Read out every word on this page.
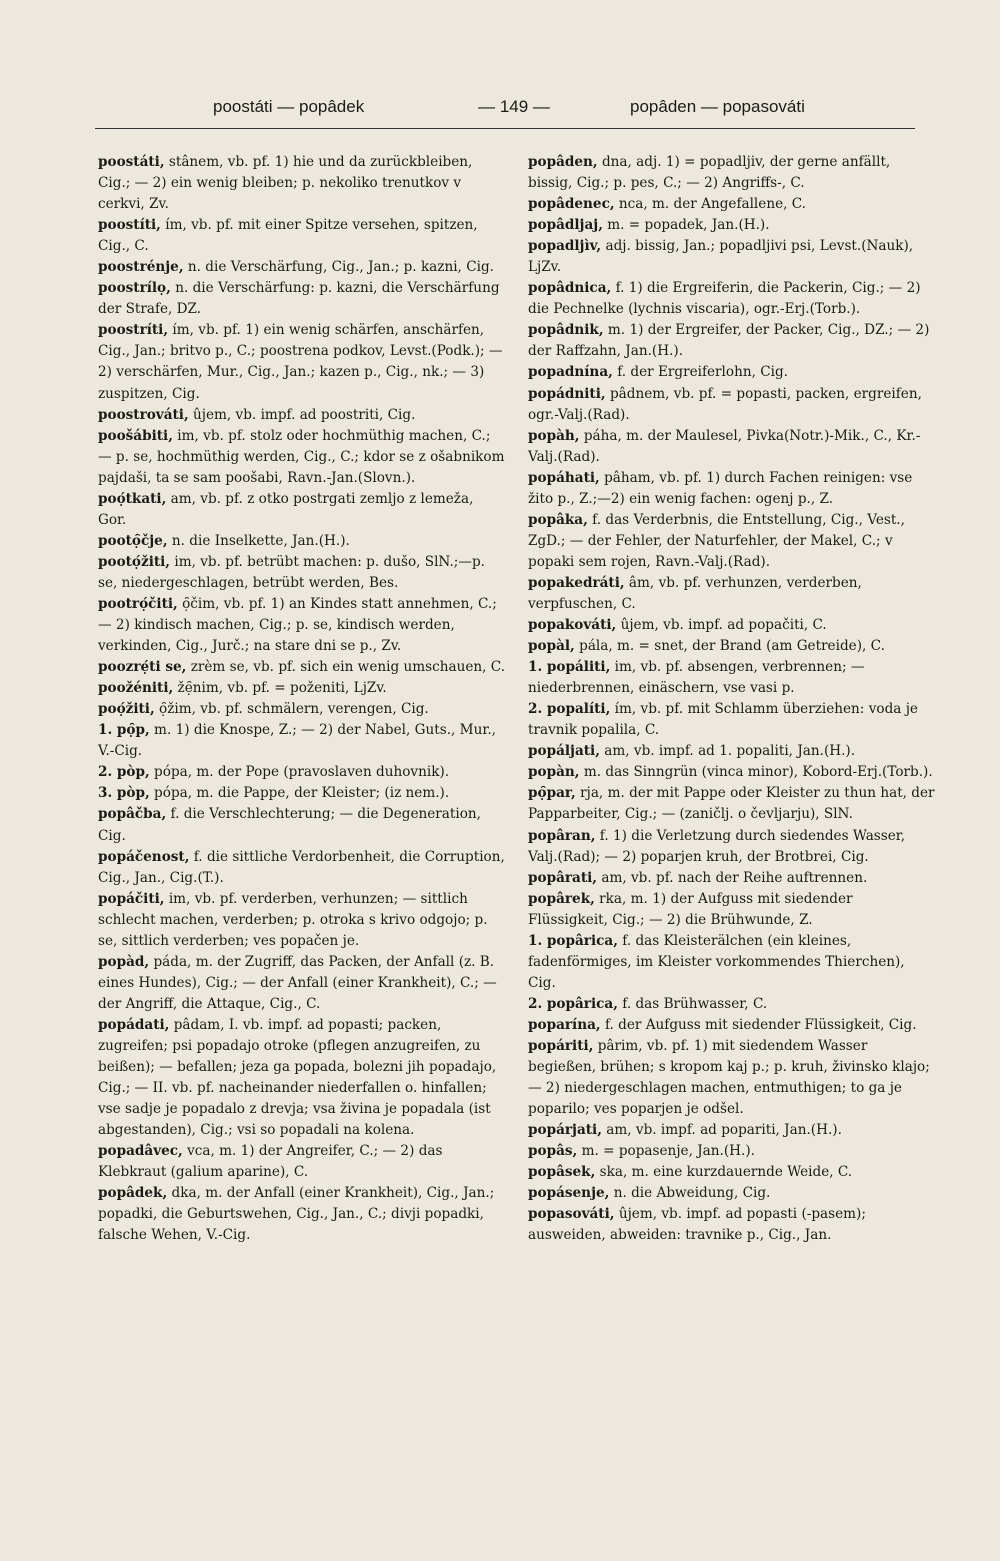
poostáti — popâdek	— 149 —	popâden — popasováti

poostáti, stânem, vb. pf. 1) hie und da zurückbleiben, Cig.; — 2) ein wenig bleiben; p. nekoliko trenutkov v cerkvi, Zv.

poostíti, ím, vb. pf. mit einer Spitze versehen, spitzen, Cig., C.

poostrénje, n. die Verschärfung, Cig., Jan.; p. kazni, Cig.

poostrílọ, n. die Verschärfung: p. kazni, die Verschärfung der Strafe, DZ.

poostríti, ím, vb. pf. 1) ein wenig schärfen, anschärfen, Cig., Jan.; britvo p., C.; poostrena podkov, Levst.(Podk.); — 2) verschärfen, Mur., Cig., Jan.; kazen p., Cig., nk.; — 3) zuspitzen, Cig.

poostrováti, ûjem, vb. impf. ad poostriti, Cig.

poošábiti, im, vb. pf. stolz oder hochmüthig machen, C.; — p. se, hochmüthig werden, Cig., C.; kdor se z ošabnikom pajdaši, ta se sam poošabi, Ravn.-Jan.(Slovn.).

poọ́tkati, am, vb. pf. z otko postrgati zemljo z lemeža, Gor.

pootọ̑čje, n. die Inselkette, Jan.(H.).

pootọ́žiti, im, vb. pf. betrübt machen: p. dušo, SlN.;—p. se, niedergeschlagen, betrübt werden, Bes.

pootrọ́čiti, ọ̑čim, vb. pf. 1) an Kindes statt annehmen, C.; — 2) kindisch machen, Cig.; p. se, kindisch werden, verkinden, Cig., Jurč.; na stare dni se p., Zv.

poozrẹ́ti se, zrèm se, vb. pf. sich ein wenig umschauen, C.

poožéniti, žẹ̑nim, vb. pf. = poženiti, LjZv.

poọ́žiti, ọ̑žim, vb. pf. schmälern, verengen, Cig.

1. pọ̑p, m. 1) die Knospe, Z.; — 2) der Nabel, Guts., Mur., V.-Cig.

2. pòp, pópa, m. der Pope (pravoslaven duhovnik).

3. pòp, pópa, m. die Pappe, der Kleister; (iz nem.).

popâčba, f. die Verschlechterung; — die Degeneration, Cig.

popáčenost, f. die sittliche Verdorbenheit, die Corruption, Cig., Jan., Cig.(T.).

popáčiti, im, vb. pf. verderben, verhunzen; — sittlich schlecht machen, verderben; p. otroka s krivo odgojo; p. se, sittlich verderben; ves popačen je.

popàd, páda, m. der Zugriff, das Packen, der Anfall (z. B. eines Hundes), Cig.; — der Anfall (einer Krankheit), C.; — der Angriff, die Attaque, Cig., C.

popádati, pâdam, I. vb. impf. ad popasti; packen, zugreifen; psi popadajo otroke (pflegen anzugreifen, zu beißen); — befallen; jeza ga popada, bolezni jih popadajo, Cig.; — II. vb. pf. nacheinander niederfallen o. hinfallen; vse sadje je popadalo z drevja; vsa živina je popadala (ist abgestanden), Cig.; vsi so popadali na kolena.

popadâvec, vca, m. 1) der Angreifer, C.; — 2) das Klebkraut (galium aparine), C.

popâdek, dka, m. der Anfall (einer Krankheit), Cig., Jan.; popadki, die Geburtswehen, Cig., Jan., C.; divji popadki, falsche Wehen, V.-Cig.

popâden, dna, adj. 1) = popadljiv, der gerne anfällt, bissig, Cig.; p. pes, C.; — 2) Angriffs-, C.

popâdenec, nca, m. der Angefallene, C.

popâdljaj, m. = popadek, Jan.(H.).

popadljìv, adj. bissig, Jan.; popadljivi psi, Levst.(Nauk), LjZv.

popâdnica, f. 1) die Ergreiferin, die Packerin, Cig.; — 2) die Pechnelke (lychnis viscaria), ogr.-Erj.(Torb.).

popâdnik, m. 1) der Ergreifer, der Packer, Cig., DZ.; — 2) der Raffzahn, Jan.(H.).

popadnína, f. der Ergreiferlohn, Cig.

popádniti, pâdnem, vb. pf. = popasti, packen, ergreifen, ogr.-Valj.(Rad).

popàh, páha, m. der Maulesel, Pivka(Notr.)-Mik., C., Kr.-Valj.(Rad).

popáhati, pâham, vb. pf. 1) durch Fachen reinigen: vse žito p., Z.;—2) ein wenig fachen: ogenj p., Z.

popâka, f. das Verderbnis, die Entstellung, Cig., Vest., ZgD.; — der Fehler, der Naturfehler, der Makel, C.; v popaki sem rojen, Ravn.-Valj.(Rad).

popakedráti, âm, vb. pf. verhunzen, verderben, verpfuschen, C.

popakováti, ûjem, vb. impf. ad popačiti, C.

popàl, pála, m. = snet, der Brand (am Getreide), C.

1. popáliti, im, vb. pf. absengen, verbrennen; — niederbrennen, einäschern, vse vasi p.

2. popalíti, ím, vb. pf. mit Schlamm überziehen: voda je travnik popalila, C.

popáljati, am, vb. impf. ad 1. popaliti, Jan.(H.).

popàn, m. das Sinngrün (vinca minor), Kobord-Erj.(Torb.).

pọ̑par, rja, m. der mit Pappe oder Kleister zu thun hat, der Papparbeiter, Cig.; — (zaničlj. o čevljarju), SlN.

popâran, f. 1) die Verletzung durch siedendes Wasser, Valj.(Rad); — 2) poparjen kruh, der Brotbrei, Cig.

popârati, am, vb. pf. nach der Reihe auftrennen.

popârek, rka, m. 1) der Aufguss mit siedender Flüssigkeit, Cig.; — 2) die Brühwunde, Z.

1. popârica, f. das Kleisterälchen (ein kleines, fadenförmiges, im Kleister vorkommendes Thierchen), Cig.

2. popârica, f. das Brühwasser, C.

poparína, f. der Aufguss mit siedender Flüssigkeit, Cig.

popáriti, pârim, vb. pf. 1) mit siedendem Wasser begießen, brühen; s kropom kaj p.; p. kruh, živinsko klajo; — 2) niedergeschlagen machen, entmuthigen; to ga je poparilo; ves poparjen je odšel.

popárjati, am, vb. impf. ad popariti, Jan.(H.).

popâs, m. = popasenje, Jan.(H.).

popâsek, ska, m. eine kurzdauernde Weide, C.

popásenje, n. die Abweidung, Cig.

popasováti, ûjem, vb. impf. ad popasti (-pasem); ausweiden, abweiden: travnike p., Cig., Jan.
